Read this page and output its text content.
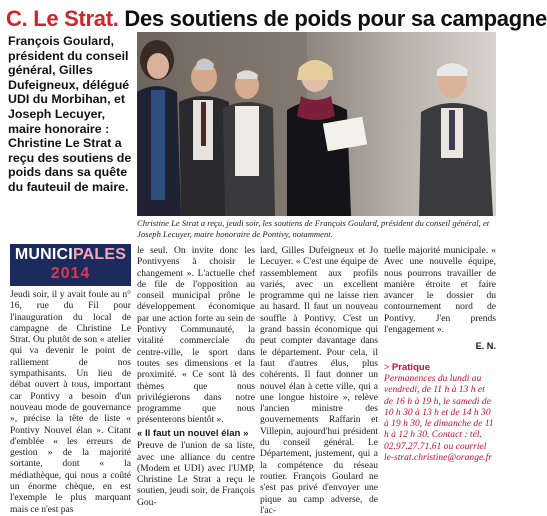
C. Le Strat. Des soutiens de poids pour sa campagne
François Goulard, président du conseil général, Gilles Dufeigneux, délégué UDI du Morbihan, et Joseph Lecuyer, maire honoraire : Christine Le Strat a reçu des soutiens de poids dans sa quête du fauteuil de maire.
Christine Le Strat a reçu, jeudi soir, les soutiens de François Goulard, président du conseil général, et Joseph Lecuyer, maire honoraire de Pontivy, notamment.
MUNICIPALES
2014

Jeudi soir, il y avait foule au n° 16, rue du Fil pour l'inauguration du local de campagne de Christine Le Strat. Ou plutôt de son « atelier qui va devenir le point de ralliement de nos sympathisants. Un lieu de débat ouvert à tous, important car Pontivy a besoin d'un nouveau mode de gouvernance », précise la tête de liste « Pontivy Nouvel élan ». Citant d'emblée « les erreurs de gestion » de la majorité sortante, dont « la médiathèque, qui nous a coûté un énorme chèque, en est l'exemple le plus marquant mais ce n'est pas

le seul. On invite donc les Pontivyens à choisir le changement ». L'actuelle chef de file de l'opposition au conseil municipal prône le développement économique par une action forte au sein de Pontivy Communauté, la vitalité commerciale du centre-ville, le sport dans toutes ses dimensions et la proximité. « Ce sont là des thèmes que nous privilégierons dans notre programme que nous présenterons bientôt ».

« Il faut un nouvel élan »

Preuve de l'union de sa liste, avec une alliance du centre (Modem et UDI) avec l'UMP, Christine Le Strat a reçu le soutien, jeudi soir, de François Gou-

lard, Gilles Dufeigneux et Jo Lecuyer. « C'est une équipe de rassemblement aux profils variés, avec un excellent programme qui ne laisse rien au hasard. Il faut un nouveau souffle à Pontivy. C'est un grand bassin économique qui peut compter davantage dans le département. Pour cela, il faut d'autres élus, plus cohérents. Il faut donner un nouvel élan à cette ville, qui a une longue histoire », relève l'ancien ministre des gouvernements Raffarin et Villepin, aujourd'hui président du conseil général. Le Département, justement, qui a la compétence du réseau routier. François Goulard ne s'est pas privé d'envoyer une pique au camp adverse, de l'ac-

tuelle majorité municipale. « Avec une nouvelle équipe, nous pourrons travailler de manière étroite et faire avancer le dossier du contournement nord de Pontivy. J'en prends l'engagement ».

E. N.
> Pratique
Permanences du lundi au vendredi, de 11 h à 13 h et de 16 h à 19 h, le samedi de 10 h 30 à 13 h et de 14 h 30 à 19 h 30, le dimanche de 11 h à 12 h 30. Contact : tél. 02.97.27.71.61 ou courriel le-strat.christine@orange.fr
